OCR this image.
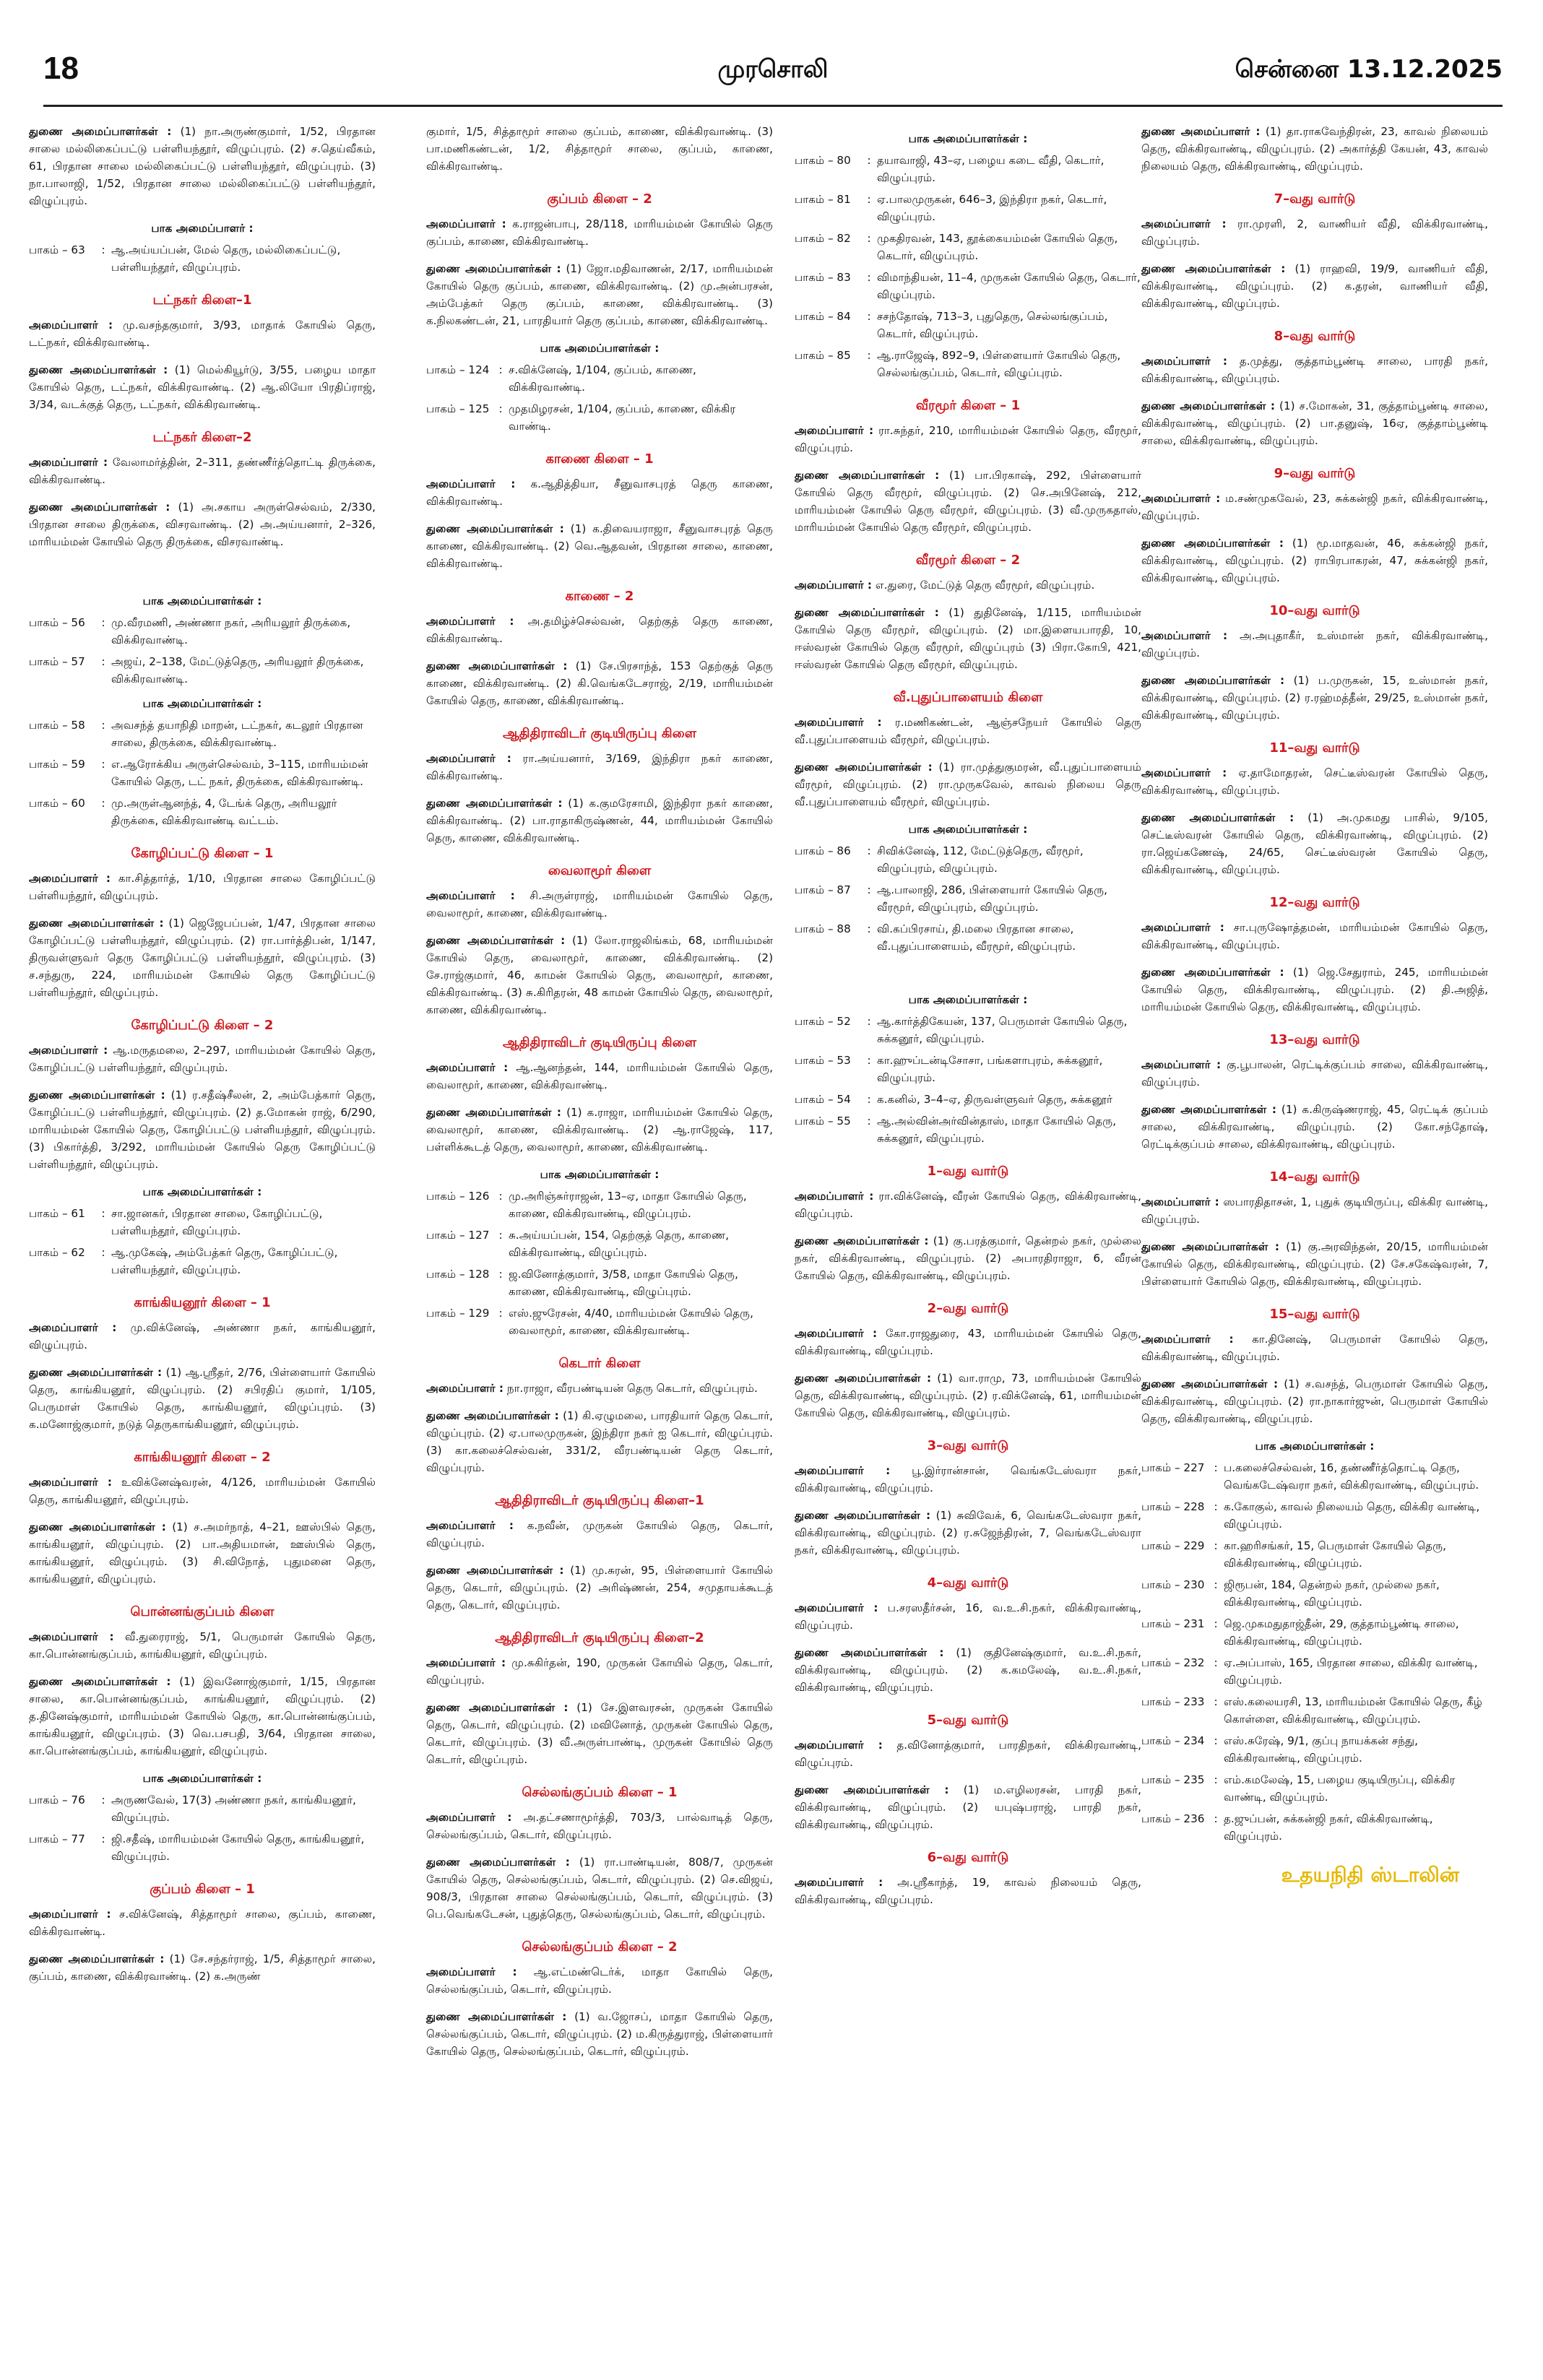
18	முரசொலி	சென்னை 13.12.2025
துணை அமைப்பாளர்கள் : (1) நா.அருண்குமார், 1/52, பிரதான சாலை மல்லிகைப்பட்டு பள்ளியந்தூர், விழுப்புரம். (2) ச.தெய்வீகம், 61, பிரதான சாலை மல்லிகைப்பட்டு பள்ளியந்தூர், விழுப்புரம். (3) நா.பாலாஜி, 1/52, பிரதான சாலை மல்லிகைப்பட்டு பள்ளியந்தூர், விழுப்புரம்.
பாக அமைப்பாளர் :
பாகம் – 63	: ஆ.அய்யப்பன், மேல் தெரு, மல்லிகைப்பட்டு, பள்ளியந்தூர், விழுப்புரம்.
டட்நகர் கிளை–1
அமைப்பாளர் : மு.வசந்தகுமார், 3/93, மாதாக் கோயில் தெரு, டட்நகர், விக்கிரவாண்டி.
துணை அமைப்பாளர்கள் : (1) மெல்கியூர்டு, 3/55, பழைய மாதா கோயில் தெரு, டட்நகர், விக்கிரவாண்டி. (2) ஆ.லியோ பிரதிப்ராஜ், 3/34, வடக்குத் தெரு, டட்நகர், விக்கிரவாண்டி.
டட்நகர் கிளை–2
அமைப்பாளர் : வேலாமர்த்தின், 2–311, தண்ணீர்த்தொட்டி திருக்கை, விக்கிரவாண்டி.
துணை அமைப்பாளர்கள் : (1) அ.சகாய அருள்செல்வம், 2/330, பிரதான சாலை திருக்கை, விசரவாண்டி. (2) அ.அய்யனார், 2–326, மாரியம்மன் கோயில் தெரு திருக்கை, விசரவாண்டி.
பாக அமைப்பாளர்கள் :
பாகம் – 56	: மு.வீரமணி, அண்ணா நகர், அரியலூர் திருக்கை, விக்கிரவாண்டி.
பாகம் – 57	: அஜய், 2–138, மேட்டுத்தெரு, அரியலூர் திருக்கை, விக்கிரவாண்டி.
பாக அமைப்பாளர்கள் :
பாகம் – 58	: அவசந்த் தயாநிதி மாறன், டட்நகர், கடலூர் பிரதான சாலை, திருக்கை, விக்கிரவாண்டி.
பாகம் – 59	: எ.ஆரோக்கிய அருள்செல்வம், 3–115, மாரியம்மன் கோயில் தெரு, டட் நகர், திருக்கை, விக்கிரவாண்டி.
பாகம் – 60	: மு.அருள்ஆனந்த், 4, டேங்க் தெரு, அரியலூர் திருக்கை, விக்கிரவாண்டி வட்டம்.
கோழிப்பட்டு கிளை – 1
அமைப்பாளர் : கா.சித்தார்த், 1/10, பிரதான சாலை கோழிப்பட்டு பள்ளியந்தூர், விழுப்புரம்.
துணை அமைப்பாளர்கள் : (1) ஜெஜேபப்பன், 1/47, பிரதான சாலை கோழிப்பட்டு பள்ளியந்தூர், விழுப்புரம். (2) ரா.பார்த்திபன், 1/147, திருவள்ளுவர் தெரு கோழிப்பட்டு பள்ளியந்தூர், விழுப்புரம். (3) ச.சந்துரு, 224, மாரியம்மன் கோயில் தெரு கோழிப்பட்டு பள்ளியந்தூர், விழுப்புரம்.
கோழிப்பட்டு கிளை – 2
அமைப்பாளர் : ஆ.மருதமலை, 2–297, மாரியம்மன் கோயில் தெரு, கோழிப்பட்டு பள்ளியந்தூர், விழுப்புரம்.
துணை அமைப்பாளர்கள் : (1) ர.சதீஷ்சீலன், 2, அம்பேத்கார் தெரு, கோழிப்பட்டு பள்ளியந்தூர், விழுப்புரம். (2) த.மோகன் ராஜ், 6/290, மாரியம்மன் கோயில் தெரு, கோழிப்பட்டு பள்ளியந்தூர், விழுப்புரம். (3) பிகார்த்தி, 3/292, மாரியம்மன் கோயில் தெரு கோழிப்பட்டு பள்ளியந்தூர், விழுப்புரம்.
பாக அமைப்பாளர்கள் :
பாகம் – 61	: சா.ஜானகர், பிரதான சாலை, கோழிப்பட்டு, பள்ளியந்தூர், விழுப்புரம்.
பாகம் – 62	: ஆ.முகேஷ், அம்பேத்கர் தெரு, கோழிப்பட்டு, பள்ளியந்தூர், விழுப்புரம்.
காங்கியனூர் கிளை – 1
அமைப்பாளர் : மு.விக்னேஷ், அண்ணா நகர், காங்கியனூர், விழுப்புரம்.
துணை அமைப்பாளர்கள் : (1) ஆ.ஸ்ரீதர், 2/76, பிள்ளையார் கோயில் தெரு, காங்கியனூர், விழுப்புரம். (2) சபிரதிப் குமார், 1/105, பெருமாள் கோயில் தெரு, காங்கியனூர், விழுப்புரம். (3) க.மனோஜ்குமார், நடுத் தெருகாங்கியனூர், விழுப்புரம்.
காங்கியனூர் கிளை – 2
அமைப்பாளர் : உவிக்னேஷ்வரன், 4/126, மாரியம்மன் கோயில் தெரு, காங்கியனூர், விழுப்புரம்.
துணை அமைப்பாளர்கள் : (1) ச.அமர்நாத், 4–21, ஊஸ்பில் தெரு, காங்கியனூர், விழுப்புரம். (2) பா.அதியமான், ஊஸ்பில் தெரு, காங்கியனூர், விழுப்புரம். (3) சி.விநோத், புதுமனை தெரு, காங்கியனூர், விழுப்புரம்.
பொன்னங்குப்பம் கிளை
அமைப்பாளர் : வீ.துரைராஜ், 5/1, பெருமாள் கோயில் தெரு, கா.பொன்னங்குப்பம், காங்கியனூர், விழுப்புரம்.
துணை அமைப்பாளர்கள் : (1) இவனோஜ்குமார், 1/15, பிரதான சாலை, கா.பொன்னங்குப்பம், காங்கியனூர், விழுப்புரம். (2) த.தினேஷ்குமார், மாரியம்மன் கோயில் தெரு, கா.பொன்னங்குப்பம், காங்கியனூர், விழுப்புரம். (3) வெ.பசபதி, 3/64, பிரதான சாலை, கா.பொன்னங்குப்பம், காங்கியனூர், விழுப்புரம்.
பாக அமைப்பாளர்கள் :
பாகம் – 76	: அருணவேல், 17(3) அண்ணா நகர், காங்கியனூர், விழுப்புரம்.
பாகம் – 77	: ஜி.சதீஷ், மாரியம்மன் கோயில் தெரு, காங்கியனூர், விழுப்புரம்.
குப்பம் கிளை – 1
அமைப்பாளர் : ச.விக்னேஷ், சித்தாமூர் சாலை, குப்பம், காணை, விக்கிரவாண்டி.
துணை அமைப்பாளர்கள் : (1) சே.சந்தர்ராஜ், 1/5, சித்தாமூர் சாலை, குப்பம், காணை, விக்கிரவாண்டி. (2) க.அருண்
குமார், 1/5, சித்தாமூர் சாலை குப்பம், காணை, விக்கிரவாண்டி. (3) பா.மணிகண்டன், 1/2, சித்தாமூர் சாலை, குப்பம், காணை, விக்கிரவாண்டி.
குப்பம் கிளை – 2
அமைப்பாளர் : க.ராஜன்பாபு, 28/118, மாரியம்மன் கோயில் தெரு குப்பம், காணை, விக்கிரவாண்டி.
துணை அமைப்பாளர்கள் : (1) ஜோ.மதிவாணன், 2/17, மாரியம்மன் கோயில் தெரு குப்பம், காணை, விக்கிரவாண்டி. (2) மு.அன்பரசன், அம்பேத்கர் தெரு குப்பம், காணை, விக்கிரவாண்டி. (3) க.நிலகண்டன், 21, பாரதியார் தெரு குப்பம், காணை, விக்கிரவாண்டி.
பாக அமைப்பாளர்கள் :
பாகம் – 124 : ச.விக்னேஷ், 1/104, குப்பம், காணை, விக்கிரவாண்டி.
பாகம் – 125 : முதமிழரசன், 1/104, குப்பம், காணை, விக்கிர வாண்டி.
காணை கிளை – 1
அமைப்பாளர் : க.ஆதித்தியா, சீனுவாசபுரத் தெரு காணை, விக்கிரவாண்டி.
துணை அமைப்பாளர்கள் : (1) க.திவையராஜா, சீனுவாசபுரத் தெரு காணை, விக்கிரவாண்டி. (2) வெ.ஆதவன், பிரதான சாலை, காணை, விக்கிரவாண்டி.
காணை – 2
அமைப்பாளர் : அ.தமிழ்ச்செல்வன், தெற்குத் தெரு காணை, விக்கிரவாண்டி.
துணை அமைப்பாளர்கள் : (1) சே.பிரசாந்த், 153 தெற்குத் தெரு காணை, விக்கிரவாண்டி. (2) கி.வெங்கடேசராஜ், 2/19, மாரியம்மன் கோயில் தெரு, காணை, விக்கிரவாண்டி.
ஆதிதிராவிடர் குடியிருப்பு கிளை
அமைப்பாளர் : ரா.அய்யனார், 3/169, இந்திரா நகர் காணை, விக்கிரவாண்டி.
துணை அமைப்பாளர்கள் : (1) க.குமரேசாமி, இந்திரா நகர் காணை, விக்கிரவாண்டி. (2) பா.ராதாகிருஷ்ணன், 44, மாரியம்மன் கோயில் தெரு, காணை, விக்கிரவாண்டி.
வைலாமூர் கிளை
அமைப்பாளர் : சி.அருள்ராஜ், மாரியம்மன் கோயில் தெரு, வைலாமூர், காணை, விக்கிரவாண்டி.
துணை அமைப்பாளர்கள் : (1) லோ.ராஜலிங்கம், 68, மாரியம்மன் கோயில் தெரு, வைலாமூர், காணை, விக்கிரவாண்டி. (2) சே.ராஜ்குமார், 46, காமன் கோயில் தெரு, வைலாமூர், காணை, விக்கிரவாண்டி. (3) சு.கிரிதரன், 48 காமன் கோயில் தெரு, வைலாமூர், காணை, விக்கிரவாண்டி.
ஆதிதிராவிடர் குடியிருப்பு கிளை
அமைப்பாளர் : ஆ.ஆனந்தன், 144, மாரியம்மன் கோயில் தெரு, வைலாமூர், காணை, விக்கிரவாண்டி.
துணை அமைப்பாளர்கள் : (1) க.ராஜா, மாரியம்மன் கோயில் தெரு, வைலாமூர், காணை, விக்கிரவாண்டி. (2) ஆ.ராஜேஷ், 117, பள்ளிக்கூடத் தெரு, வைலாமூர், காணை, விக்கிரவாண்டி.
பாக அமைப்பாளர்கள் :
பாகம் – 126 : மு.அரிஞ்சுர்ராஜன், 13–ஏ, மாதா கோயில் தெரு, காணை, விக்கிரவாண்டி, விழுப்புரம்.
பாகம் – 127 : சு.அய்யப்பன், 154, தெற்குத் தெரு, காணை, விக்கிரவாண்டி, விழுப்புரம்.
பாகம் – 128 : ஜ.வினோத்குமார், 3/58, மாதா கோயில் தெரு, காணை, விக்கிரவாண்டி, விழுப்புரம்.
பாகம் – 129 : எஸ்.ஜுரேசன், 4/40, மாரியம்மன் கோயில் தெரு, வைலாமூர், காணை, விக்கிரவாண்டி.
கெடார் கிளை
அமைப்பாளர் : நா.ராஜா, வீரபண்டியன் தெரு கெடார், விழுப்புரம்.
துணை அமைப்பாளர்கள் : (1) கி.ஏழுமலை, பாரதியார் தெரு கெடார், விழுப்புரம். (2) ஏ.பாலமுருகன், இந்திரா நகர் ஐ கெடார், விழுப்புரம். (3) கா.கலைச்செல்வன், 331/2, வீரபண்டியன் தெரு கெடார், விழுப்புரம்.
ஆதிதிராவிடர் குடியிருப்பு கிளை–1
அமைப்பாளர் : க.நவீன், முருகன் கோயில் தெரு, கெடார், விழுப்புரம்.
துணை அமைப்பாளர்கள் : (1) மு.சுரன், 95, பிள்ளையார் கோயில் தெரு, கெடார், விழுப்புரம். (2) அரிஷ்ணன், 254, சமுதாயக்கூடத் தெரு, கெடார், விழுப்புரம்.
ஆதிதிராவிடர் குடியிருப்பு கிளை–2
அமைப்பாளர் : மு.சுகிர்தன், 190, முருகன் கோயில் தெரு, கெடார், விழுப்புரம்.
துணை அமைப்பாளர்கள் : (1) சே.இளவரசன், முருகன் கோயில் தெரு, கெடார், விழுப்புரம். (2) மவினோத், முருகன் கோயில் தெரு, கெடார், விழுப்புரம். (3) வீ.அருள்பாண்டி, முருகன் கோயில் தெரு கெடார், விழுப்புரம்.
செல்லங்குப்பம் கிளை – 1
அமைப்பாளர் : அ.தட்சணாமூர்த்தி, 703/3, பால்வாடித் தெரு, செல்லங்குப்பம், கெடார், விழுப்புரம்.
துணை அமைப்பாளர்கள் : (1) ரா.பாண்டியன், 808/7, முருகன் கோயில் தெரு, செல்லங்குப்பம், கெடார், விழுப்புரம். (2) செ.விஜய், 908/3, பிரதான சாலை செல்லங்குப்பம், கெடார், விழுப்புரம். (3) பெ.வெங்கடேசன், புதுத்தெரு, செல்லங்குப்பம், கெடார், விழுப்புரம்.
செல்லங்குப்பம் கிளை – 2
அமைப்பாளர் : ஆ.எட்மண்டெர்க், மாதா கோயில் தெரு, செல்லங்குப்பம், கெடார், விழுப்புரம்.
துணை அமைப்பாளர்கள் : (1) வ.ஜோசப், மாதா கோயில் தெரு, செல்லங்குப்பம், கெடார், விழுப்புரம். (2) ம.கிருத்துராஜ், பிள்ளையார் கோயில் தெரு, செல்லங்குப்பம், கெடார், விழுப்புரம்.
பாக அமைப்பாளர்கள் :
பாகம் – 80	: தயாவாஜி, 43–ஏ, பழைய கடை வீதி, கெடார், விழுப்புரம்.
பாகம் – 81	: ஏ.பாலமுருகன், 646–3, இந்திரா நகர், கெடார், விழுப்புரம்.
பாகம் – 82	: முகதிரவன், 143, தூக்கையம்மன் கோயில் தெரு, கெடார், விழுப்புரம்.
பாகம் – 83	: விமாந்தியன், 11–4, முருகன் கோயில் தெரு, கெடார், விழுப்புரம்.
பாகம் – 84	: சசந்தோஷ், 713–3, புதுதெரு, செல்லங்குப்பம், கெடார், விழுப்புரம்.
பாகம் – 85	: ஆ.ராஜேஷ், 892–9, பிள்ளையார் கோயில் தெரு, செல்லங்குப்பம், கெடார், விழுப்புரம்.
வீரமூர் கிளை – 1
அமைப்பாளர் : ரா.சுந்தர், 210, மாரியம்மன் கோயில் தெரு, வீரமூர், விழுப்புரம்.
துணை அமைப்பாளர்கள் : (1) பா.பிரகாஷ், 292, பிள்ளையார் கோயில் தெரு வீரமூர், விழுப்புரம். (2) செ.அபினேஷ், 212, மாரியம்மன் கோயில் தெரு வீரமூர், விழுப்புரம். (3) வீ.முருகதாஸ், மாரியம்மன் கோயில் தெரு வீரமூர், விழுப்புரம்.
வீரமூர் கிளை – 2
அமைப்பாளர் : எ.துரை, மேட்டுத் தெரு வீரமூர், விழுப்புரம்.
துணை அமைப்பாளர்கள் : (1) துதினேஷ், 1/115, மாரியம்மன் கோயில் தெரு வீரமூர், விழுப்புரம். (2) மா.இளையபாரதி, 10, ஈஸ்வரன் கோயில் தெரு வீரமூர், விழுப்புரம் (3) பிரா.கோபி, 421, ஈஸ்வரன் கோயில் தெரு வீரமூர், விழுப்புரம்.
வீ.புதுப்பாளையம் கிளை
அமைப்பாளர் : ர.மணிகண்டன், ஆஞ்சநேயர் கோயில் தெரு வீ.புதுப்பாளையம் வீரமூர், விழுப்புரம்.
துணை அமைப்பாளர்கள் : (1) ரா.முத்துகுமரன், வீ.புதுப்பாளையம் வீரமூர், விழுப்புரம். (2) ரா.முருகவேல், காவல் நிலைய தெரு வீ.புதுப்பாளையம் வீரமூர், விழுப்புரம்.
பாக அமைப்பாளர்கள் :
பாகம் – 86	: சிவிக்னேஷ், 112, மேட்டுத்தெரு, வீரமூர், விழுப்புரம், விழுப்புரம்.
பாகம் – 87	: ஆ.பாலாஜி, 286, பிள்ளையார் கோயில் தெரு, வீரமூர், விழுப்புரம், விழுப்புரம்.
பாகம் – 88	: வி.கப்பிரசாய், தி.மலை பிரதான சாலை, வீ.புதுப்பாளையம், வீரமூர், விழுப்புரம்.
பாக அமைப்பாளர்கள் :
பாகம் – 52	: ஆ.கார்த்திகேயன், 137, பெருமாள் கோயில் தெரு, சுக்கனூர், விழுப்புரம்.
பாகம் – 53	: கா.ஹுப்டன்டிசோசா, பங்களாபுரம், சுக்கனூர், விழுப்புரம்.
பாகம் – 54	: க.கனில், 3–4–ஏ, திருவள்ளுவர் தெரு, சுக்கனூர்
பாகம் – 55	: ஆ.அல்வின்அர்வின்தாஸ், மாதா கோயில் தெரு, சுக்கனூர், விழுப்புரம்.
1–வது வார்டு
அமைப்பாளர் : ரா.விக்னேஷ், வீரன் கோயில் தெரு, விக்கிரவாண்டி, விழுப்புரம்.
துணை அமைப்பாளர்கள் : (1) கு.பரத்குமார், தென்றல் நகர், முல்லை நகர், விக்கிரவாண்டி, விழுப்புரம். (2) அபாரதிராஜா, 6, வீரன் கோயில் தெரு, விக்கிரவாண்டி, விழுப்புரம்.
2–வது வார்டு
அமைப்பாளர் : கோ.ராஜதுரை, 43, மாரியம்மன் கோயில் தெரு, விக்கிரவாண்டி, விழுப்புரம்.
துணை அமைப்பாளர்கள் : (1) வா.ராமு, 73, மாரியம்மன் கோயில் தெரு, விக்கிரவாண்டி, விழுப்புரம். (2) ர.விக்னேஷ், 61, மாரியம்மன் கோயில் தெரு, விக்கிரவாண்டி, விழுப்புரம்.
3–வது வார்டு
அமைப்பாளர் : பூ.இர்ரான்சான், வெங்கடேஸ்வரா நகர், விக்கிரவாண்டி, விழுப்புரம்.
துணை அமைப்பாளர்கள் : (1) சுவிவேக், 6, வெங்கடேஸ்வரா நகர், விக்கிரவாண்டி, விழுப்புரம். (2) ர.சுஜேந்திரன், 7, வெங்கடேஸ்வரா நகர், விக்கிரவாண்டி, விழுப்புரம்.
4–வது வார்டு
அமைப்பாளர் : ப.சரஸதீர்சன், 16, வ.உ.சி.நகர், விக்கிரவாண்டி, விழுப்புரம்.
துணை அமைப்பாளர்கள் : (1) குதினேஷ்குமார், வ.உ.சி.நகர், விக்கிரவாண்டி, விழுப்புரம். (2) க.கமலேஷ், வ.உ.சி.நகர், விக்கிரவாண்டி, விழுப்புரம்.
5–வது வார்டு
அமைப்பாளர் : த.வினோத்குமார், பாரதிநகர், விக்கிரவாண்டி, விழுப்புரம்.
துணை அமைப்பாளர்கள் : (1) ம.எழிலரசன், பாரதி நகர், விக்கிரவாண்டி, விழுப்புரம். (2) யபுஷ்பராஜ், பாரதி நகர், விக்கிரவாண்டி, விழுப்புரம்.
6–வது வார்டு
அமைப்பாளர் : அ.ஸ்ரீகாந்த், 19, காவல் நிலையம் தெரு, விக்கிரவாண்டி, விழுப்புரம்.
துணை அமைப்பாளர் : (1) தா.ராகவேந்திரன், 23, காவல் நிலையம் தெரு, விக்கிரவாண்டி, விழுப்புரம். (2) அகார்த்தி கேயன், 43, காவல் நிலையம் தெரு, விக்கிரவாண்டி, விழுப்புரம்.
7–வது வார்டு
அமைப்பாளர் : ரா.முரளி, 2, வாணியர் வீதி, விக்கிரவாண்டி, விழுப்புரம்.
துணை அமைப்பாளர்கள் : (1) ராஹவி, 19/9, வாணியர் வீதி, விக்கிரவாண்டி, விழுப்புரம். (2) க.தரன், வாணியர் வீதி, விக்கிரவாண்டி, விழுப்புரம்.
8–வது வார்டு
அமைப்பாளர் : த.முத்து, குத்தாம்பூண்டி சாலை, பாரதி நகர், விக்கிரவாண்டி, விழுப்புரம்.
துணை அமைப்பாளர்கள் : (1) ச.மோகன், 31, குத்தாம்பூண்டி சாலை, விக்கிரவாண்டி, விழுப்புரம். (2) பா.தனுஷ், 16ஏ, குத்தாம்பூண்டி சாலை, விக்கிரவாண்டி, விழுப்புரம்.
9–வது வார்டு
அமைப்பாளர் : ம.சண்முகவேல், 23, சுக்கன்ஜி நகர், விக்கிரவாண்டி, விழுப்புரம்.
துணை அமைப்பாளர்கள் : (1) மூ.மாதவன், 46, சுக்கன்ஜி நகர், விக்கிரவாண்டி, விழுப்புரம். (2) ராபிரபாகரன், 47, சுக்கன்ஜி நகர், விக்கிரவாண்டி, விழுப்புரம்.
10–வது வார்டு
அமைப்பாளர் : அ.அபுதாகீர், உஸ்மான் நகர், விக்கிரவாண்டி, விழுப்புரம்.
துணை அமைப்பாளர்கள் : (1) ப.முருகன், 15, உஸ்மான் நகர், விக்கிரவாண்டி, விழுப்புரம். (2) ர.ரஹ்மத்தீன், 29/25, உஸ்மான் நகர், விக்கிரவாண்டி, விழுப்புரம்.
11–வது வார்டு
அமைப்பாளர் : ஏ.தாமோதரன், செட்டீஸ்வரன் கோயில் தெரு, விக்கிரவாண்டி, விழுப்புரம்.
துணை அமைப்பாளர்கள் : (1) அ.முகமது பாசில், 9/105, செட்டீஸ்வரன் கோயில் தெரு, விக்கிரவாண்டி, விழுப்புரம். (2) ரா.ஜெய்கணேஷ், 24/65, செட்டீஸ்வரன் கோயில் தெரு, விக்கிரவாண்டி, விழுப்புரம்.
12–வது வார்டு
அமைப்பாளர் : சா.புருஷோத்தமன், மாரியம்மன் கோயில் தெரு, விக்கிரவாண்டி, விழுப்புரம்.
துணை அமைப்பாளர்கள் : (1) ஜெ.சேதுராம், 245, மாரியம்மன் கோயில் தெரு, விக்கிரவாண்டி, விழுப்புரம். (2) தி.அஜித், மாரியம்மன் கோயில் தெரு, விக்கிரவாண்டி, விழுப்புரம்.
13–வது வார்டு
அமைப்பாளர் : கு.பூபாலன், ரெட்டிக்குப்பம் சாலை, விக்கிரவாண்டி, விழுப்புரம்.
துணை அமைப்பாளர்கள் : (1) க.கிருஷ்ணராஜ், 45, ரெட்டிக் குப்பம் சாலை, விக்கிரவாண்டி, விழுப்புரம். (2) கோ.சந்தோஷ், ரெட்டிக்குப்பம் சாலை, விக்கிரவாண்டி, விழுப்புரம்.
14–வது வார்டு
அமைப்பாளர் : ஸபாரதிதாசன், 1, புதுக் குடியிருப்பு, விக்கிர வாண்டி, விழுப்புரம்.
துணை அமைப்பாளர்கள் : (1) கு.அரவிந்தன், 20/15, மாரியம்மன் கோயில் தெரு, விக்கிரவாண்டி, விழுப்புரம். (2) சே.சகேஷ்வரன், 7, பிள்ளையார் கோயில் தெரு, விக்கிரவாண்டி, விழுப்புரம்.
15–வது வார்டு
அமைப்பாளர் : கா.தினேஷ், பெருமாள் கோயில் தெரு, விக்கிரவாண்டி, விழுப்புரம்.
துணை அமைப்பாளர்கள் : (1) ச.வசந்த், பெருமாள் கோயில் தெரு, விக்கிரவாண்டி, விழுப்புரம். (2) ரா.நாகார்ஜுன், பெருமாள் கோயில் தெரு, விக்கிரவாண்டி, விழுப்புரம்.
பாக அமைப்பாளர்கள் :
பாகம் – 227 : ப.கலைச்செல்வன், 16, தண்ணீர்த்தொட்டி தெரு, வெங்கடேஷ்வரா நகர், விக்கிரவாண்டி, விழுப்புரம்.
பாகம் – 228 : க.கோகுல், காவல் நிலையம் தெரு, விக்கிர வாண்டி, விழுப்புரம்.
பாகம் – 229 : கா.ஹரிசங்கர், 15, பெருமாள் கோயில் தெரு, விக்கிரவாண்டி, விழுப்புரம்.
பாகம் – 230 : ஜிரூபன், 184, தென்றல் நகர், முல்லை நகர், விக்கிரவாண்டி, விழுப்புரம்.
பாகம் – 231 : ஜெ.முகமதுதாஜ்தீன், 29, குத்தாம்பூண்டி சாலை, விக்கிரவாண்டி, விழுப்புரம்.
பாகம் – 232 : ஏ.அப்பாஸ், 165, பிரதான சாலை, விக்கிர வாண்டி, விழுப்புரம்.
பாகம் – 233 : எஸ்.கலையரசி, 13, மாரியம்மன் கோயில் தெரு, கீழ் கொள்ளை, விக்கிரவாண்டி, விழுப்புரம்.
பாகம் – 234 : எஸ்.சுரேஷ், 9/1, குப்பு நாயக்கன் சந்து, விக்கிரவாண்டி, விழுப்புரம்.
பாகம் – 235 : எம்.கமலேஷ், 15, பழைய குடியிருப்பு, விக்கிர வாண்டி, விழுப்புரம்.
பாகம் – 236 : த.ஜுப்பன், சுக்கன்ஜி நகர், விக்கிரவாண்டி, விழுப்புரம்.
உதயநிதி ஸ்டாலின்
